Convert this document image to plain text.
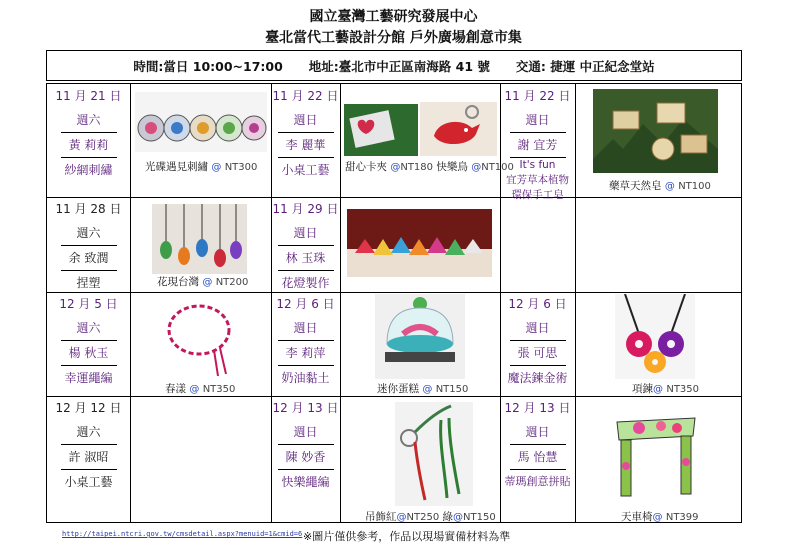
國立臺灣工藝研究發展中心
臺北當代工藝設計分館 戶外廣場創意市集
時間:當日 10:00~17:00 地址:臺北市中正區南海路 41 號 交通: 捷運 中正紀念堂站
11 月 21 日
週六
黃 莉莉
紗網刺繡	光碟遇見刺繡 @ NT300
11 月 22 日
週日
李 麗華
小桌工藝 甜心卡夾 @NT180 快樂鳥 @NT100
11 月 22 日
週日
謝 宜芳
It's fun
宜芳草本植物
環保手工皂
藥草天然皂 @ NT100
11 月 28 日
週六
余 致潤
捏塑	花現台灣 @ NT200
11 月 29 日
週日
林 玉珠
花燈製作
12 月 5 日
週六
楊 秋玉
幸運繩編
春漾 @ NT350
12 月 6 日
週日
李 莉萍
奶油黏土
迷你蛋糕 @ NT150
12 月 6 日
週日
張 可思
魔法鍊金術
項鍊@ NT350
12 月 12 日
週六
許 淑昭
小桌工藝
12 月 13 日
週日
陳 妙香
快樂繩編
吊飾紅@NT250 綠@NT150
12 月 13 日
週日
馬 怡慧
蒂瑪創意拼貼
天車椅@ NT399
http://taipei.ntcri.gov.tw/cmsdetail.aspx?menuid=1&cmid=6 ※圖片僅供參考，作品以現場實備材料為準
